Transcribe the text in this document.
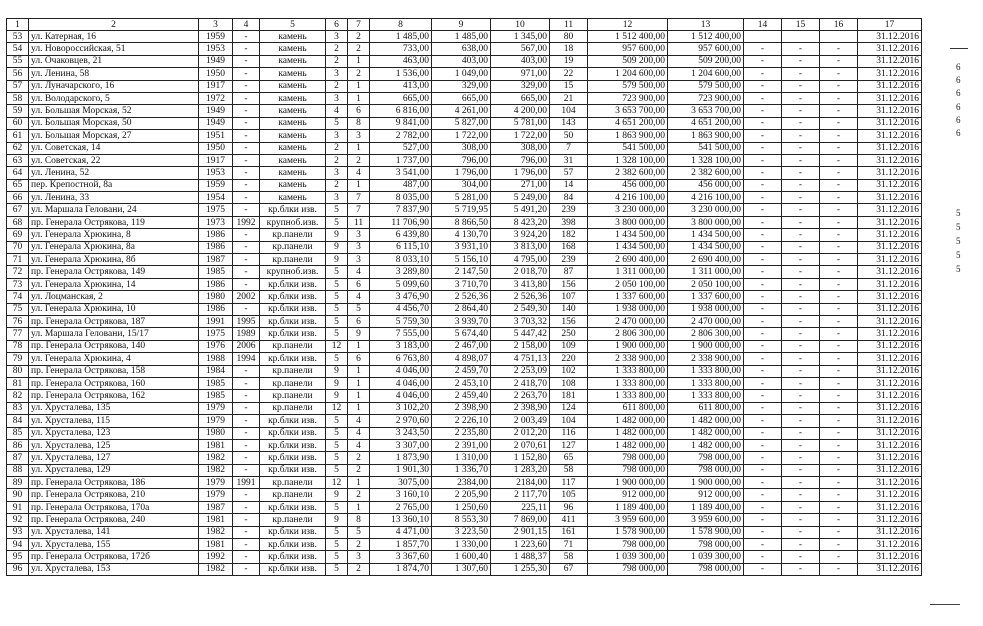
1	2	3	4	5	6	7	8	9	10	11	12	13	14	15	16	17
53	ул. Катерная, 16	1959	-	камень	3	2	1 485,00	1 485,00	1 345,00	80	1 512 400,00	1 512 400,00				31.12.2016
54	ул. Новороссийская, 51	1953	-	камень	2	2	733,00	638,00	567,00	18	957 600,00	957 600,00	-	-	-	31.12.2016
55	ул. Очаковцев, 21	1949	-	камень	2	1	463,00	403,00	403,00	19	509 200,00	509 200,00	-	-	-	31.12.2016
56	ул. Ленина, 58	1950	-	камень	3	2	1 536,00	1 049,00	971,00	22	1 204 600,00	1 204 600,00	-	-	-	31.12.2016
57	ул. Луначарского, 16	1917	-	камень	2	1	413,00	329,00	329,00	15	579 500,00	579 500,00	-	-	-	31.12.2016
58	ул. Володарского, 5	1972	-	камень	3	1	665,00	665,00	665,00	21	723 900,00	723 900,00	-	-	-	31.12.2016
59	ул. Большая Морская, 52	1949	-	камень	4	6	6 816,00	4 261,00	4 200,00	104	3 653 700,00	3 653 700,00	-	-	-	31.12.2016
60	ул. Большая Морская, 50	1949	-	камень	5	8	9 841,00	5 827,00	5 781,00	143	4 651 200,00	4 651 200,00	-	-	-	31.12.2016
61	ул. Большая Морская, 27	1951	-	камень	3	3	2 782,00	1 722,00	1 722,00	50	1 863 900,00	1 863 900,00	-	-	-	31.12.2016
62	ул. Советская, 14	1950	-	камень	2	1	527,00	308,00	308,00	7	541 500,00	541 500,00	-	-	-	31.12.2016
63	ул. Советская, 22	1917	-	камень	2	2	1 737,00	796,00	796,00	31	1 328 100,00	1 328 100,00	-	-	-	31.12.2016
64	ул. Ленина, 52	1953	-	камень	3	4	3 541,00	1 796,00	1 796,00	57	2 382 600,00	2 382 600,00	-	-	-	31.12.2016
65	пер. Крепостной, 8а	1959	-	камень	2	1	487,00	304,00	271,00	14	456 000,00	456 000,00	-	-	-	31.12.2016
66	ул. Ленина, 33	1954	-	камень	3	7	8 035,00	5 281,00	5 249,00	84	4 216 100,00	4 216 100,00	-	-	-	31.12.2016
67	ул. Маршала Геловани, 24	1975	-	кр.блки изв.	5	7	7 837,90	5 719,95	5 491,20	239	3 230 000,00	3 230 000,00	-	-	-	31.12.2016
68	пр. Генерала Острякова, 119	1973	1992	крупноб.изв.	5	11	11 706,90	8 866,50	8 423,20	398	3 800 000,00	3 800 000,00	-	-	-	31.12.2016
69	ул. Генерала Хрюкина, 8	1986	-	кр.панели	9	3	6 439,80	4 130,70	3 924,20	182	1 434 500,00	1 434 500,00	-	-	-	31.12.2016
70	ул. Генерала Хрюкина, 8а	1986	-	кр.панели	9	3	6 115,10	3 931,10	3 813,00	168	1 434 500,00	1 434 500,00	-	-	-	31.12.2016
71	ул. Генерала Хрюкина, 8б	1987	-	кр.панели	9	3	8 033,10	5 156,10	4 795,00	239	2 690 400,00	2 690 400,00	-	-	-	31.12.2016
72	пр. Генерала Острякова, 149	1985	-	крупноб.изв.	5	4	3 289,80	2 147,50	2 018,70	87	1 311 000,00	1 311 000,00	-	-	-	31.12.2016
73	ул. Генерала Хрюкина, 14	1986	-	кр.блки изв.	5	6	5 099,60	3 710,70	3 413,80	156	2 050 100,00	2 050 100,00	-	-	-	31.12.2016
74	ул. Лоцманская, 2	1980	2002	кр.блки изв.	5	4	3 476,90	2 526,36	2 526,36	107	1 337 600,00	1 337 600,00	-	-	-	31.12.2016
75	ул. Генерала Хрюкина, 10	1986	-	кр.блки изв.	5	5	4 456,70	2 864,40	2 549,30	140	1 938 000,00	1 938 000,00	-	-	-	31.12.2016
76	пр. Генерала Острякова, 187	1991	1995	кр.блки изв.	5	6	5 759,30	3 939,70	3 703,32	156	2 470 000,00	2 470 000,00	-	-	-	31.12.2016
77	ул. Маршала Геловани, 15/17	1975	1989	кр.блки изв.	5	9	7 555,00	5 674,40	5 447,42	250	2 806 300,00	2 806 300,00	-	-	-	31.12.2016
78	пр. Генерала Острякова, 140	1976	2006	кр.панели	12	1	3 183,00	2 467,00	2 158,00	109	1 900 000,00	1 900 000,00	-	-	-	31.12.2016
79	ул. Генерала Хрюкина, 4	1988	1994	кр.блки изв.	5	6	6 763,80	4 898,07	4 751,13	220	2 338 900,00	2 338 900,00	-	-	-	31.12.2016
80	пр. Генерала Острякова, 158	1984	-	кр.панели	9	1	4 046,00	2 459,70	2 253,09	102	1 333 800,00	1 333 800,00	-	-	-	31.12.2016
81	пр. Генерала Острякова, 160	1985	-	кр.панели	9	1	4 046,00	2 453,10	2 418,70	108	1 333 800,00	1 333 800,00	-	-	-	31.12.2016
82	пр. Генерала Острякова, 162	1985	-	кр.панели	9	1	4 046,00	2 459,40	2 263,70	181	1 333 800,00	1 333 800,00	-	-	-	31.12.2016
83	ул. Хрусталева, 135	1979	-	кр.панели	12	1	3 102,20	2 398,90	2 398,90	124	611 800,00	611 800,00	-	-	-	31.12.2016
84	ул. Хрусталева, 115	1979	-	кр.блки изв.	5	4	2 970,60	2 226,10	2 003,49	104	1 482 000,00	1 482 000,00	-	-	-	31.12.2016
85	ул. Хрусталева, 123	1980	-	кр.блки изв.	5	4	3 243,50	2 235,80	2 012,20	116	1 482 000,00	1 482 000,00	-	-	-	31.12.2016
86	ул. Хрусталева, 125	1981	-	кр.блки изв.	5	4	3 307,00	2 391,00	2 070,61	127	1 482 000,00	1 482 000,00	-	-	-	31.12.2016
87	ул. Хрусталева, 127	1982	-	кр.блки изв.	5	2	1 873,90	1 310,00	1 152,80	65	798 000,00	798 000,00	-	-	-	31.12.2016
88	ул. Хрусталева, 129	1982	-	кр.блки изв.	5	2	1 901,30	1 336,70	1 283,20	58	798 000,00	798 000,00	-	-	-	31.12.2016
89	пр. Генерала Острякова, 186	1979	1991	кр.панели	12	1	3075,00	2384,00	2184,00	117	1 900 000,00	1 900 000,00	-	-	-	31.12.2016
90	пр. Генерала Острякова, 210	1979	-	кр.панели	9	2	3 160,10	2 205,90	2 117,70	105	912 000,00	912 000,00	-	-	-	31.12.2016
91	пр. Генерала Острякова, 170а	1987	-	кр.блки изв.	5	1	2 765,00	1 250,60	225,11	96	1 189 400,00	1 189 400,00	-	-	-	31.12.2016
92	пр. Генерала Острякова, 240	1981	-	кр.панели	9	8	13 360,10	8 553,30	7 869,00	411	3 959 600,00	3 959 600,00	-	-	-	31.12.2016
93	ул. Хрусталева, 141	1982	-	кр.блки изв.	5	5	4 471,00	3 223,50	2 901,15	161	1 578 900,00	1 578 900,00	-	-	-	31.12.2016
94	ул. Хрусталева, 155	1981	-	кр.блки изв.	5	2	1 857,70	1 330,00	1 223,60	71	798 000,00	798 000,00	-	-	-	31.12.2016
95	пр. Генерала Острякова, 172б	1992	-	кр.блки изв.	5	3	3 367,60	1 600,40	1 488,37	58	1 039 300,00	1 039 300,00	-	-	-	31.12.2016
96	ул. Хрусталева, 153	1982	-	кр.блки изв.	5	2	1 874,70	1 307,60	1 255,30	67	798 000,00	798 000,00	-	-	-	31.12.2016
6
6
6
6
6
6
5
5
5
5
5
